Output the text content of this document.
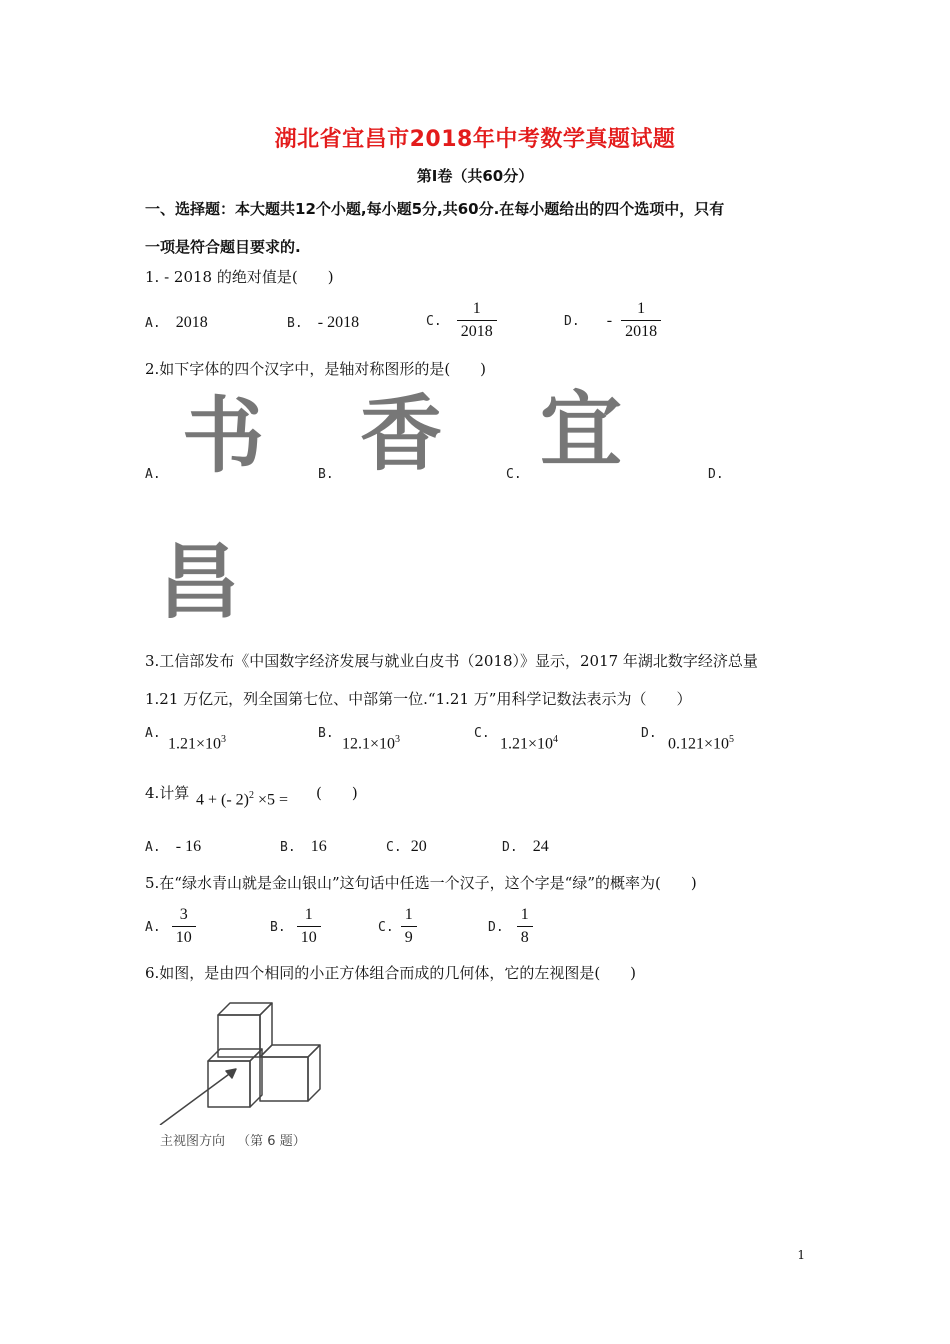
湖北省宜昌市2018年中考数学真题试题
第Ⅰ卷（共60分）
一、选择题：本大题共12个小题,每小题5分,共60分.在每小题给出的四个选项中，只有
一项是符合题目要求的.
1. - 2018 的绝对值是(　　)
A. 2018	B. - 2018	C. $\frac{1}{2018}$	D. - $\frac{1}{2018}$
2.如下字体的四个汉字中，是轴对称图形的是(　　)
A. 书	B. 香	C. 宜	D.
昌
3.工信部发布《中国数字经济发展与就业白皮书（2018）》显示，2017 年湖北数字经济总量
1.21 万亿元，列全国第七位、中部第一位.“1.21 万”用科学记数法表示为（　　）
A.
$1.21\times 10^3$	B.
$12.1\times 10^3$	C.
$1.21\times 10^4$	D.
$0.121\times 10^5$
4.计算 4 + (- 2)$^2$ ×5 = (　　)
A. - 16	B. 16	C. 20	D. 24
5.在“绿水青山就是金山银山”这句话中任选一个汉子，这个字是“绿”的概率为(　　)
A. $\frac{3}{10}$	B. $\frac{1}{10}$	C. $\frac{1}{9}$	D. $\frac{1}{8}$
6.如图，是由四个相同的小正方体组合而成的几何体，它的左视图是(　　)
主视图方向 （第 6 题）
1
